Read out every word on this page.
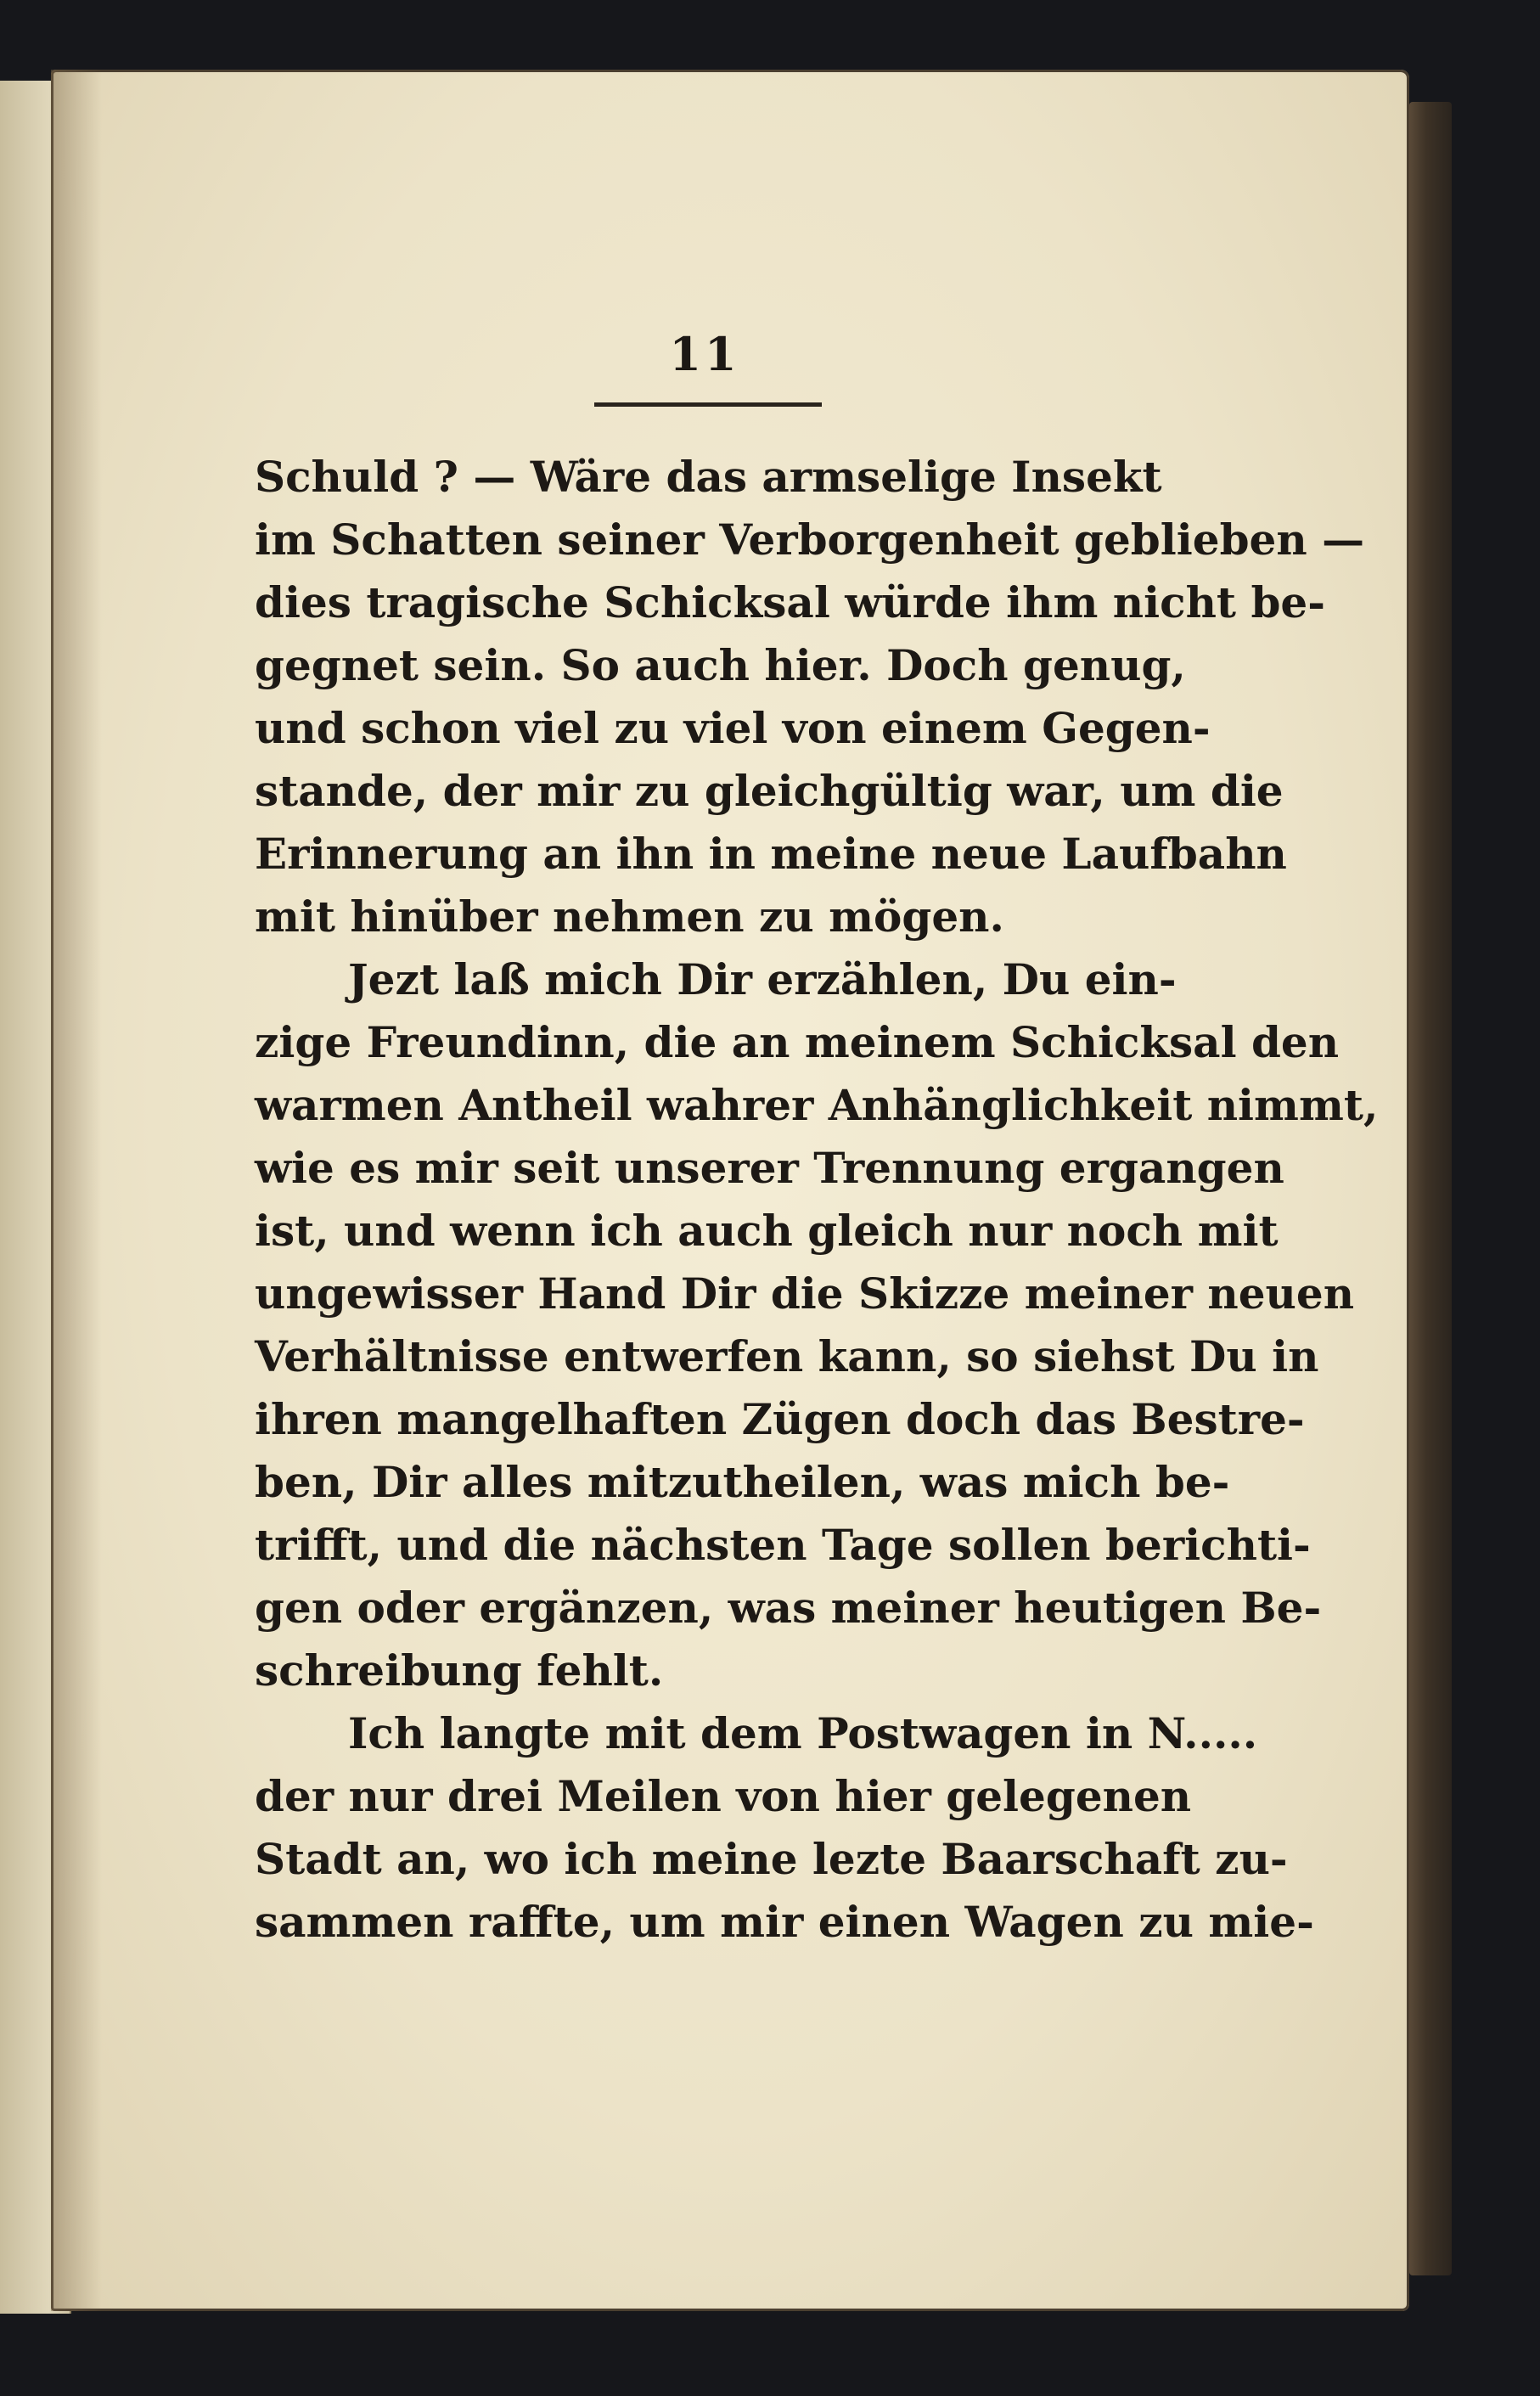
11
Schuld ? — Wäre das armselige Insekt
im Schatten seiner Verborgenheit geblieben —
dies tragische Schicksal würde ihm nicht be-
gegnet sein. So auch hier. Doch genug,
und schon viel zu viel von einem Gegen-
stande, der mir zu gleichgültig war, um die
Erinnerung an ihn in meine neue Laufbahn
mit hinüber nehmen zu mögen.
Jezt laß mich Dir erzählen, Du ein-
zige Freundinn, die an meinem Schicksal den
warmen Antheil wahrer Anhänglichkeit nimmt,
wie es mir seit unserer Trennung ergangen
ist, und wenn ich auch gleich nur noch mit
ungewisser Hand Dir die Skizze meiner neuen
Verhältnisse entwerfen kann, so siehst Du in
ihren mangelhaften Zügen doch das Bestre-
ben, Dir alles mitzutheilen, was mich be-
trifft, und die nächsten Tage sollen berichti-
gen oder ergänzen, was meiner heutigen Be-
schreibung fehlt.
Ich langte mit dem Postwagen in N.....
der nur drei Meilen von hier gelegenen
Stadt an, wo ich meine lezte Baarschaft zu-
sammen raffte, um mir einen Wagen zu mie-
